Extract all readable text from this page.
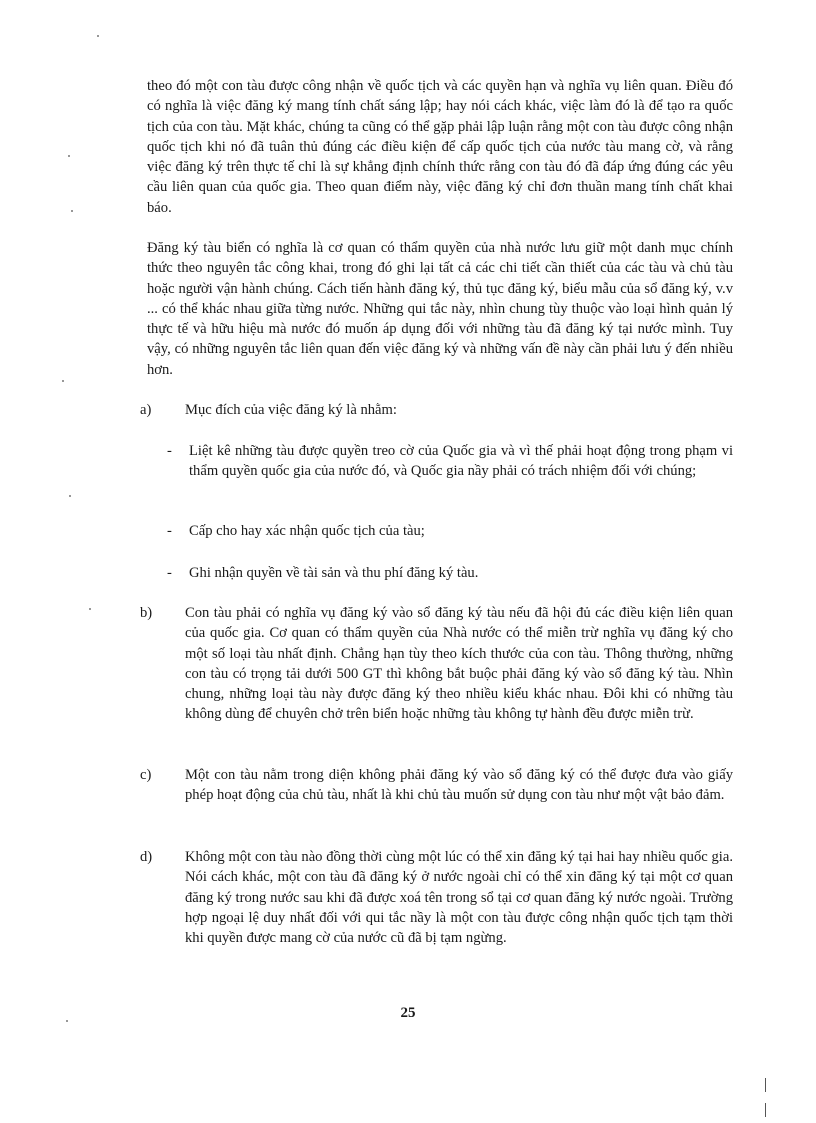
theo đó một con tàu được công nhận về quốc tịch và các quyền hạn và nghĩa vụ liên quan. Điều đó có nghĩa là việc đăng ký mang tính chất sáng lập; hay nói cách khác, việc làm đó là để tạo ra quốc tịch của con tàu. Mặt khác, chúng ta cũng có thể gặp phải lập luận rằng một con tàu được công nhận quốc tịch khi nó đã tuân thủ đúng các điều kiện để cấp quốc tịch của nước tàu mang cờ, và rằng việc đăng ký trên thực tế chỉ là sự khẳng định chính thức rằng con tàu đó đã đáp ứng đúng các yêu cầu liên quan của quốc gia. Theo quan điểm này, việc đăng ký chỉ đơn thuần mang tính chất khai báo.

Đăng ký tàu biển có nghĩa là cơ quan có thẩm quyền của nhà nước lưu giữ một danh mục chính thức theo nguyên tắc công khai, trong đó ghi lại tất cả các chi tiết cần thiết của các tàu và chủ tàu hoặc người vận hành chúng. Cách tiến hành đăng ký, thủ tục đăng ký, biểu mẫu của sổ đăng ký, v.v ... có thể khác nhau giữa từng nước. Những qui tắc này, nhìn chung tùy thuộc vào loại hình quản lý thực tế và hữu hiệu mà nước đó muốn áp dụng đối với những tàu đã đăng ký tại nước mình. Tuy vậy, có những nguyên tắc liên quan đến việc đăng ký và những vấn đề này cần phải lưu ý đến nhiều hơn.

a) Mục đích của việc đăng ký là nhằm:
- Liệt kê những tàu được quyền treo cờ của Quốc gia và vì thế phải hoạt động trong phạm vi thẩm quyền quốc gia của nước đó, và Quốc gia nầy phải có trách nhiệm đối với chúng;
- Cấp cho hay xác nhận quốc tịch của tàu;
- Ghi nhận quyền về tài sản và thu phí đăng ký tàu.
b) Con tàu phải có nghĩa vụ đăng ký vào sổ đăng ký tàu nếu đã hội đủ các điều kiện liên quan của quốc gia. Cơ quan có thẩm quyền của Nhà nước có thể miễn trừ nghĩa vụ đăng ký cho một số loại tàu nhất định. Chẳng hạn tùy theo kích thước của con tàu. Thông thường, những con tàu có trọng tải dưới 500 GT thì không bắt buộc phải đăng ký vào sổ đăng ký tàu. Nhìn chung, những loại tàu này được đăng ký theo nhiều kiểu khác nhau. Đôi khi có những tàu không dùng để chuyên chở trên biển hoặc những tàu không tự hành đều được miễn trừ.
c) Một con tàu nằm trong diện không phải đăng ký vào sổ đăng ký có thể được đưa vào giấy phép hoạt động của chủ tàu, nhất là khi chủ tàu muốn sử dụng con tàu như một vật bảo đảm.
d) Không một con tàu nào đồng thời cùng một lúc có thể xin đăng ký tại hai hay nhiều quốc gia. Nói cách khác, một con tàu đã đăng ký ở nước ngoài chỉ có thể xin đăng ký tại một cơ quan đăng ký trong nước sau khi đã được xoá tên trong sổ tại cơ quan đăng ký nước ngoài. Trường hợp ngoại lệ duy nhất đối với qui tắc nầy là một con tàu được công nhận quốc tịch tạm thời khi quyền được mang cờ của nước cũ đã bị tạm ngừng.
25
